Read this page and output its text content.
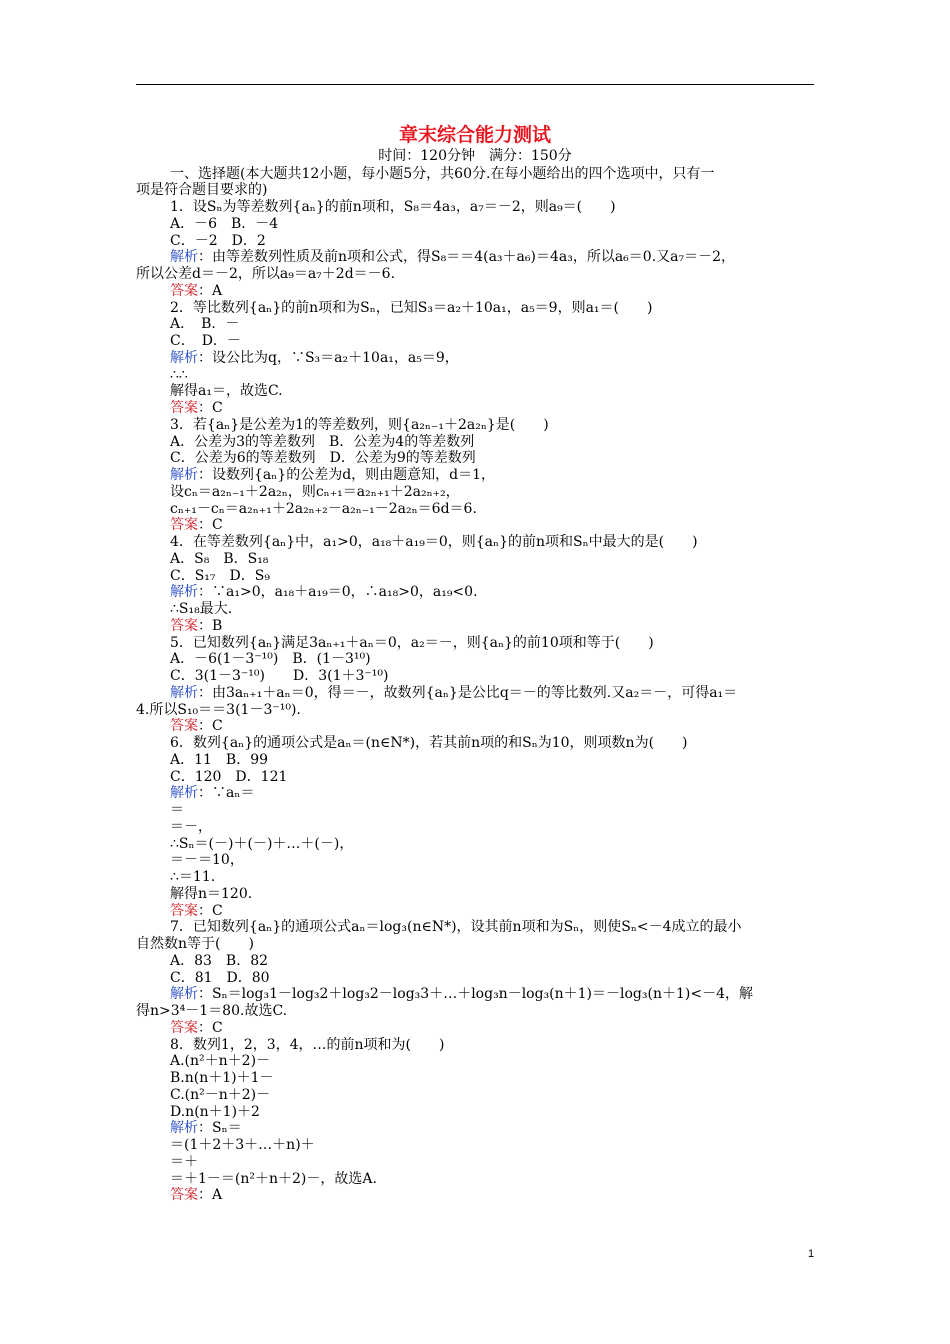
章末综合能力测试
时间：120分钟　满分：150分
一、选择题(本大题共12小题，每小题5分，共60分.在每小题给出的四个选项中，只有一
项是符合题目要求的)
1．设Sₙ为等差数列{aₙ}的前n项和，S₈＝4a₃，a₇＝－2，则a₉＝(　　)
A．－6　B．－4
C．－2　D．2
解析：由等差数列性质及前n项和公式，得S₈＝＝4(a₃＋a₆)＝4a₃，所以a₆＝0.又a₇＝－2，
所以公差d＝－2，所以a₉＝a₇＋2d＝－6.
答案：A
2．等比数列{aₙ}的前n项和为Sₙ，已知S₃＝a₂＋10a₁，a₅＝9，则a₁＝(　　)
A．　B．－
C．　D．－
解析：设公比为q，∵S₃＝a₂＋10a₁，a₅＝9，
∴∴
解得a₁＝，故选C.
答案：C
3．若{aₙ}是公差为1的等差数列，则{a₂ₙ₋₁＋2a₂ₙ}是(　　)
A．公差为3的等差数列　B．公差为4的等差数列
C．公差为6的等差数列　D．公差为9的等差数列
解析：设数列{aₙ}的公差为d，则由题意知，d＝1，
设cₙ＝a₂ₙ₋₁＋2a₂ₙ，则cₙ₊₁＝a₂ₙ₊₁＋2a₂ₙ₊₂，
cₙ₊₁－cₙ＝a₂ₙ₊₁＋2a₂ₙ₊₂－a₂ₙ₋₁－2a₂ₙ＝6d＝6.
答案：C
4．在等差数列{aₙ}中，a₁>0，a₁₈＋a₁₉＝0，则{aₙ}的前n项和Sₙ中最大的是(　　)
A．S₈　B．S₁₈
C．S₁₇　D．S₉
解析：∵a₁>0，a₁₈＋a₁₉＝0，∴a₁₈>0，a₁₉<0.
∴S₁₈最大.
答案：B
5．已知数列{aₙ}满足3aₙ₊₁＋aₙ＝0，a₂＝－，则{aₙ}的前10项和等于(　　)
A．－6(1－3⁻¹⁰)　B．(1－3¹⁰)
C．3(1－3⁻¹⁰)　　D．3(1＋3⁻¹⁰)
解析：由3aₙ₊₁＋aₙ＝0，得＝－，故数列{aₙ}是公比q＝－的等比数列.又a₂＝－，可得a₁＝
4.所以S₁₀＝＝3(1－3⁻¹⁰).
答案：C
6．数列{aₙ}的通项公式是aₙ＝(n∈N*)，若其前n项的和Sₙ为10，则项数n为(　　)
A．11　B．99
C．120　D．121
解析：∵aₙ＝
＝
＝－，
∴Sₙ＝(－)＋(－)＋…＋(－)，
＝－＝10，
∴＝11.
解得n＝120.
答案：C
7．已知数列{aₙ}的通项公式aₙ＝log₃(n∈N*)，设其前n项和为Sₙ，则使Sₙ<－4成立的最小
自然数n等于(　　)
A．83　B．82
C．81　D．80
解析：Sₙ＝log₃1－log₃2＋log₃2－log₃3＋…＋log₃n－log₃(n＋1)＝－log₃(n＋1)<－4，解
得n>3⁴－1＝80.故选C.
答案：C
8．数列1，2，3，4，…的前n项和为(　　)
A.(n²＋n＋2)－
B.n(n＋1)＋1－
C.(n²－n＋2)－
D.n(n＋1)＋2
解析：Sₙ＝
＝(1＋2＋3＋…＋n)＋
＝＋
＝＋1－＝(n²＋n＋2)－，故选A.
答案：A
1
